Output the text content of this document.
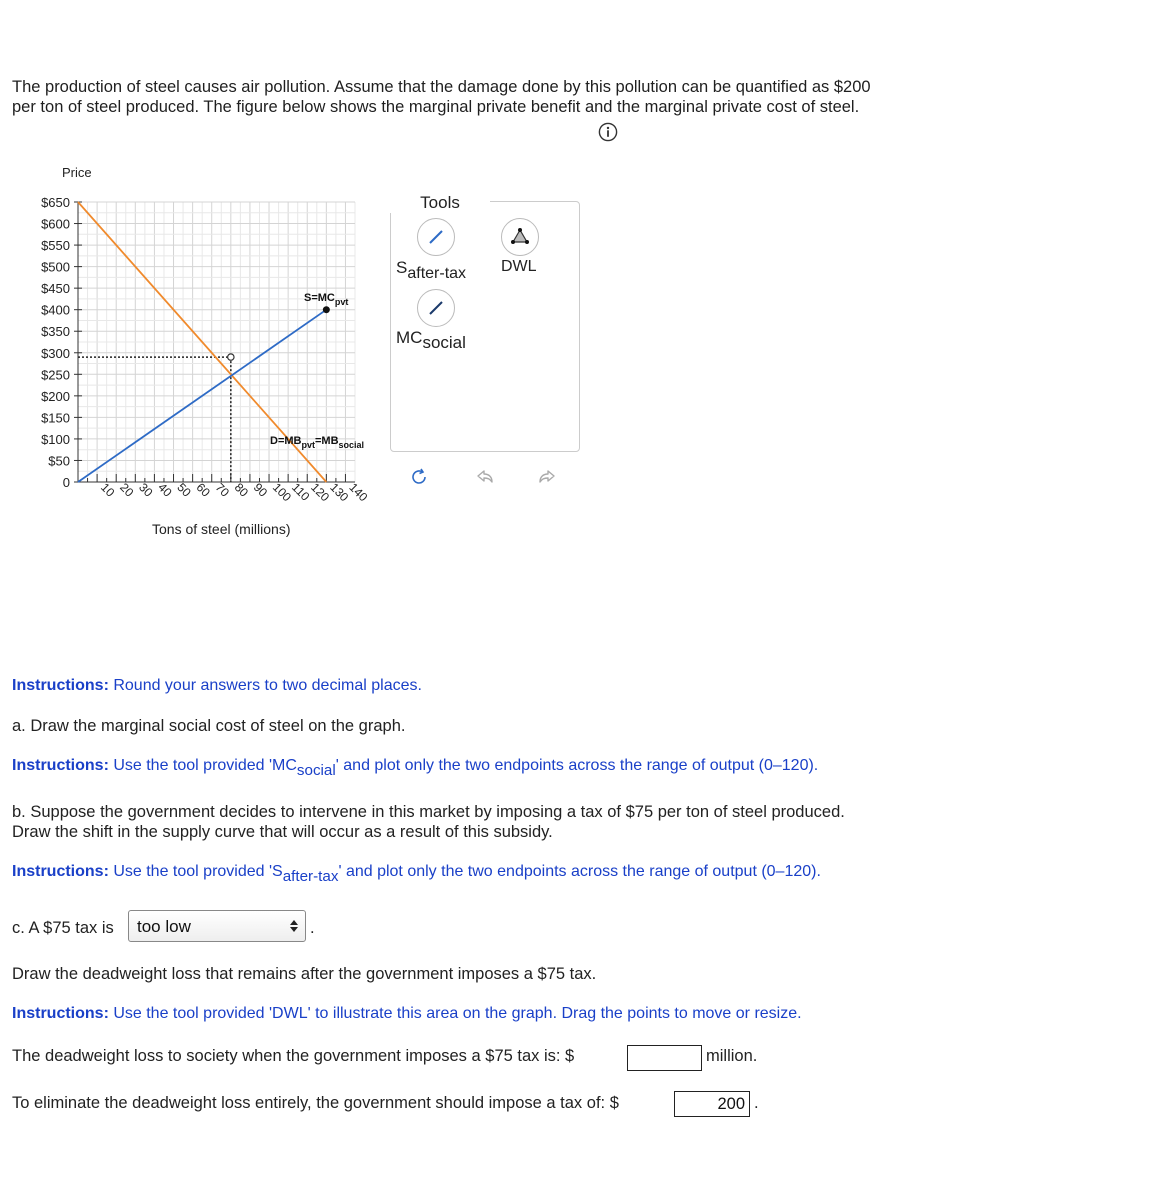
The production of steel causes air pollution. Assume that the damage done by this pollution can be quantified as $200
per ton of steel produced. The figure below shows the marginal private benefit and the marginal private cost of steel.
$650
$600
$550
$500
$450
$400
$350
$300
$250
$200
$150
$100
$50
0 10 20 30 40 50 60 70 80 90 100
110
120
130
140
Price
Tons of steel (millions)
$S=MC_{pvt}$
$D=MB_{pvt}=MB_{social}$
Tools
Safter-tax DWL
MCsocial
Instructions: Round your answers to two decimal places.
a. Draw the marginal social cost of steel on the graph.
Instructions: Use the tool provided 'MCsocial' and plot only the two endpoints across the range of output (0–120).
b. Suppose the government decides to intervene in this market by imposing a tax of $75 per ton of steel produced.
Draw the shift in the supply curve that will occur as a result of this subsidy.
Instructions: Use the tool provided 'Safter-tax' and plot only the two endpoints across the range of output (0–120).
c. A $75 tax is too low	.
Draw the deadweight loss that remains after the government imposes a $75 tax.
Instructions: Use the tool provided 'DWL' to illustrate this area on the graph. Drag the points to move or resize.
The deadweight loss to society when the government imposes a $75 tax is: $	million.
To eliminate the deadweight loss entirely, the government should impose a tax of: $	200 .
